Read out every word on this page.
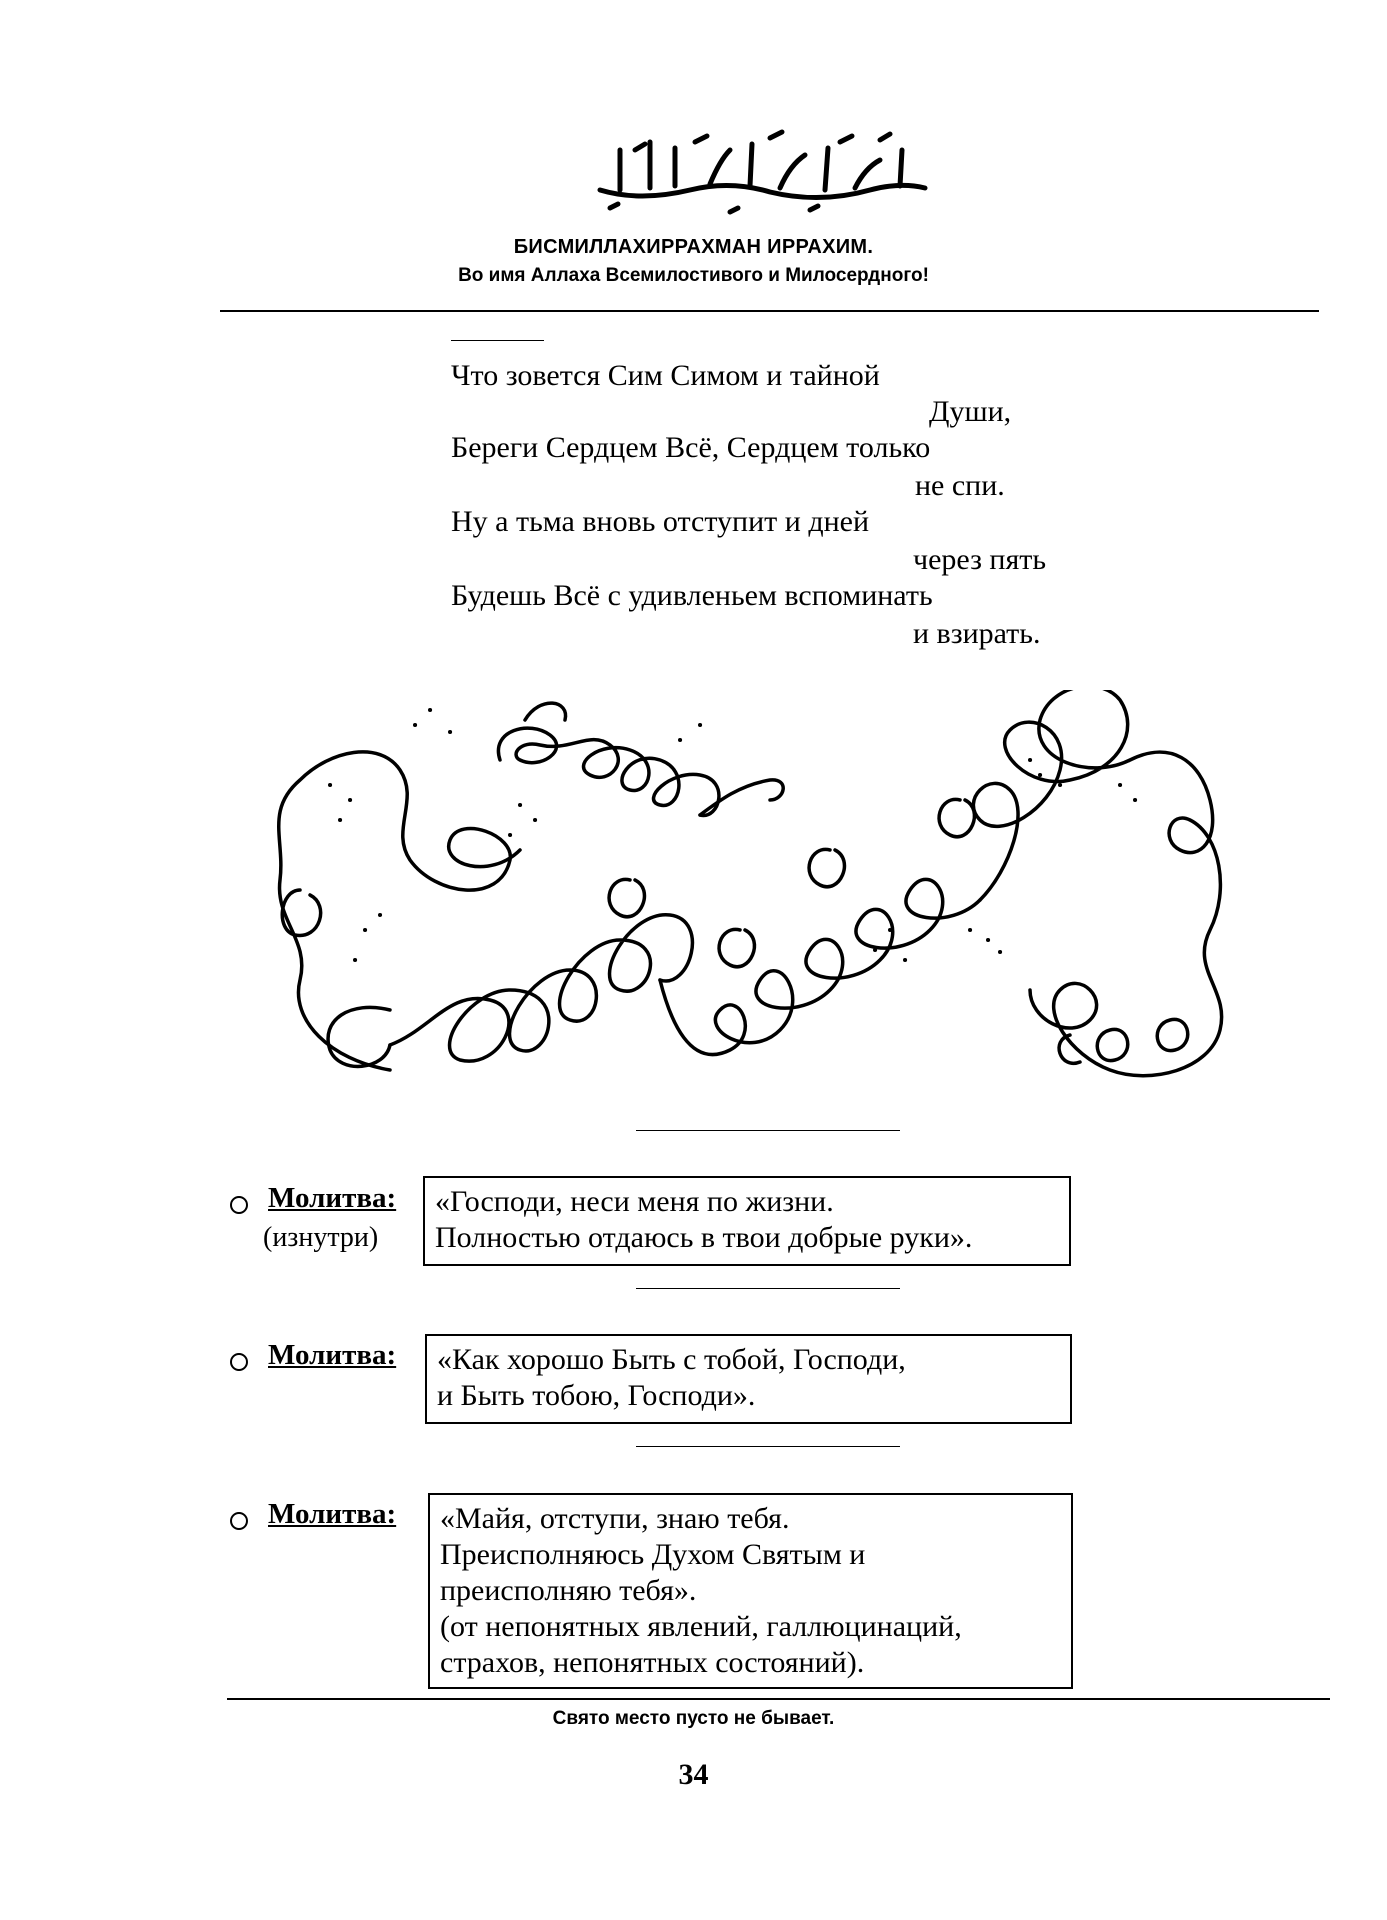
БИСМИЛЛАХИРРАХМАН ИРРАХИМ.
Во имя Аллаха Всемилостивого и Милосердного!
Что зовется Сим Симом и тайной
Души,
Береги Сердцем Всё, Сердцем только
не спи.
Ну а тьма вновь отступит и дней
через пять
Будешь Всё с удивленьем вспоминать
и взирать.
Молитва:
(изнутри)
«Господи, неси меня по жизни.
Полностью отдаюсь в твои добрые руки».
Молитва: «Как хорошо Быть с тобой, Господи,
и Быть тобою, Господи».
Молитва: «Майя, отступи, знаю тебя.
Преисполняюсь Духом Святым и
преисполняю тебя».
(от непонятных явлений, галлюцинаций,
страхов, непонятных состояний).
Свято место пусто не бывает.
34
